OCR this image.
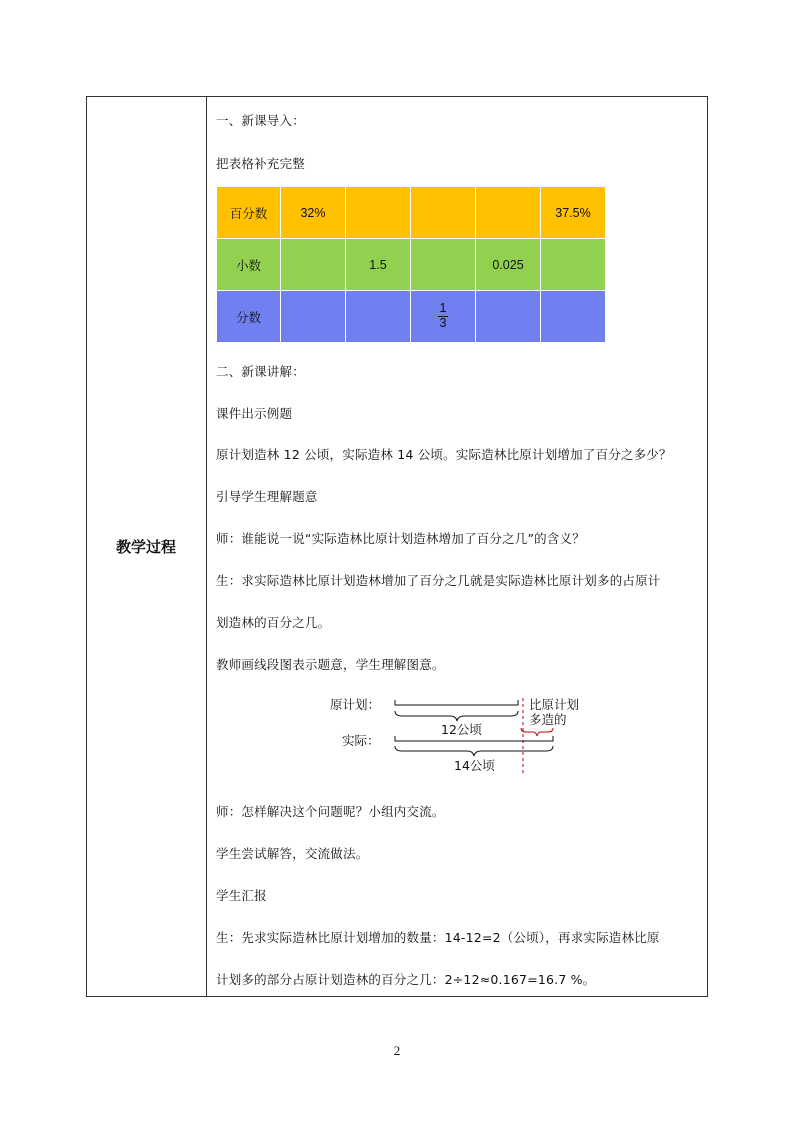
教学过程
一、新课导入：
把表格补充完整
百分数	32%				37.5%
小数		1.5		0.025	
分数			$\frac{1}{3}$

二、新课讲解：
课件出示例题
原计划造林 12 公顷，实际造林 14 公顷。实际造林比原计划增加了百分之多少？
引导学生理解题意
师：谁能说一说“实际造林比原计划造林增加了百分之几”的含义？
生：求实际造林比原计划造林增加了百分之几就是实际造林比原计划多的占原计
划造林的百分之几。
教师画线段图表示题意，学生理解图意。
原计划：
实际：
12公顷
比原计划
多造的
14公顷
师：怎样解决这个问题呢？小组内交流。
学生尝试解答，交流做法。
学生汇报
生：先求实际造林比原计划增加的数量：14-12=2（公顷），再求实际造林比原
计划多的部分占原计划造林的百分之几：2÷12≈0.167=16.7 %。
2
